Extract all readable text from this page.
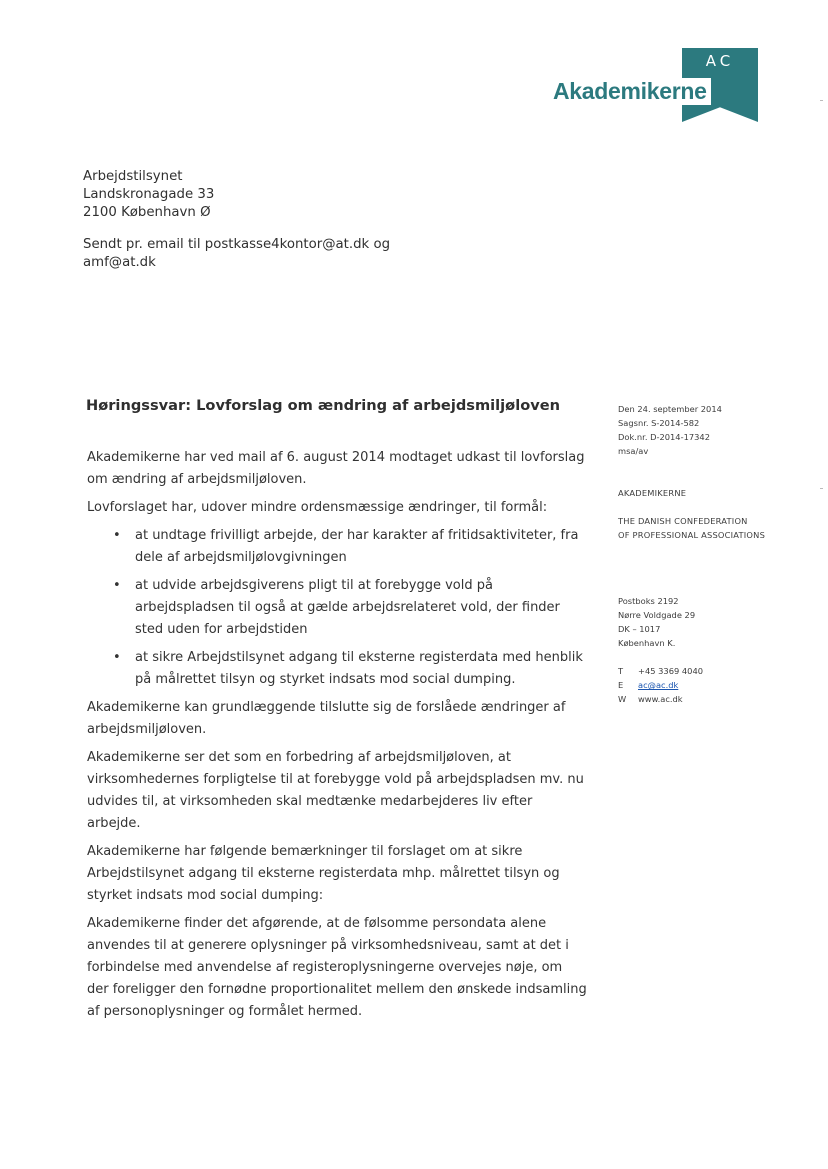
AC
Akademikerne
Arbejdstilsynet
Landskronagade 33
2100 København Ø
Sendt pr. email til postkasse4kontor@at.dk og
amf@at.dk
Høringssvar: Lovforslag om ændring af arbejdsmiljøloven

Akademikerne har ved mail af 6. august 2014 modtaget udkast til lovforslag om ændring af arbejdsmiljøloven.

Lovforslaget har, udover mindre ordensmæssige ændringer, til formål:

• at undtage frivilligt arbejde, der har karakter af fritidsaktiviteter, fra dele af arbejdsmiljølovgivningen
• at udvide arbejdsgiverens pligt til at forebygge vold på arbejdspladsen til også at gælde arbejdsrelateret vold, der finder sted uden for arbejdstiden
• at sikre Arbejdstilsynet adgang til eksterne registerdata med henblik på målrettet tilsyn og styrket indsats mod social dumping.

Akademikerne kan grundlæggende tilslutte sig de forslåede ændringer af arbejdsmiljøloven.

Akademikerne ser det som en forbedring af arbejdsmiljøloven, at virksomhedernes forpligtelse til at forebygge vold på arbejdspladsen mv. nu udvides til, at virksomheden skal medtænke medarbejderes liv efter arbejde.

Akademikerne har følgende bemærkninger til forslaget om at sikre Arbejdstilsynet adgang til eksterne registerdata mhp. målrettet tilsyn og styrket indsats mod social dumping:

Akademikerne finder det afgørende, at de følsomme persondata alene anvendes til at generere oplysninger på virksomhedsniveau, samt at det i forbindelse med anvendelse af registeroplysningerne overvejes nøje, om der foreligger den fornødne proportionalitet mellem den ønskede indsamling af personoplysninger og formålet hermed.

Den 24. september 2014
Sagsnr. S-2014-582
Dok.nr. D-2014-17342
msa/av
AKADEMIKERNE
THE DANISH CONFEDERATION
OF PROFESSIONAL ASSOCIATIONS
Postboks 2192
Nørre Voldgade 29
DK – 1017
København K.
T	+45 3369 4040
E	ac@ac.dk
W	www.ac.dk
